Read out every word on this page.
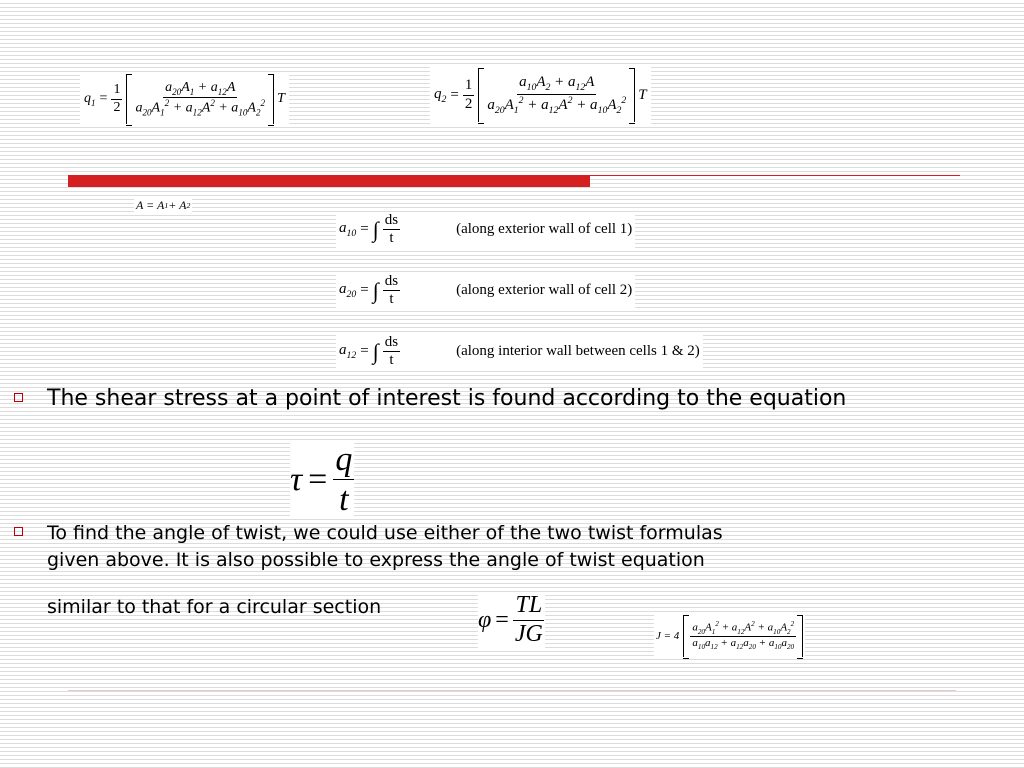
$q_1 = \frac{1}{2} \frac{a_{20}A_1 + a_{12}A}{a_{20}A_1^2 + a_{12}A^2 + a_{10}A_2^2}$ T	$q_2 = \frac{1}{2} \frac{a_{10}A_2 + a_{12}A}{a_{20}A_1^2 + a_{12}A^2 + a_{10}A_2^2}$ T
A = A 1 + A 2
$a_{10}$ = ∫ $\frac{ds}{t}$	(along exterior wall of cell 1)
$a_{20}$ = ∫ $\frac{ds}{t}$	(along exterior wall of cell 2)
$a_{12}$ = ∫ $\frac{ds}{t}$	(along interior wall between cells 1 & 2)
The shear stress at a point of interest is found according to the equation
$\tau = \frac{q}{t}$
To find the angle of twist, we could use either of the two twist formulas
given above. It is also possible to express the angle of twist equation
similar to that for a circular section	$\varphi = \frac{TL}{JG}$	$J = 4 \frac{a_{20}A_1^2 + a_{12}A^2 + a_{10}A_2^2}{a_{10}a_{12} + a_{12}a_{20} + a_{10}a_{20}}$
